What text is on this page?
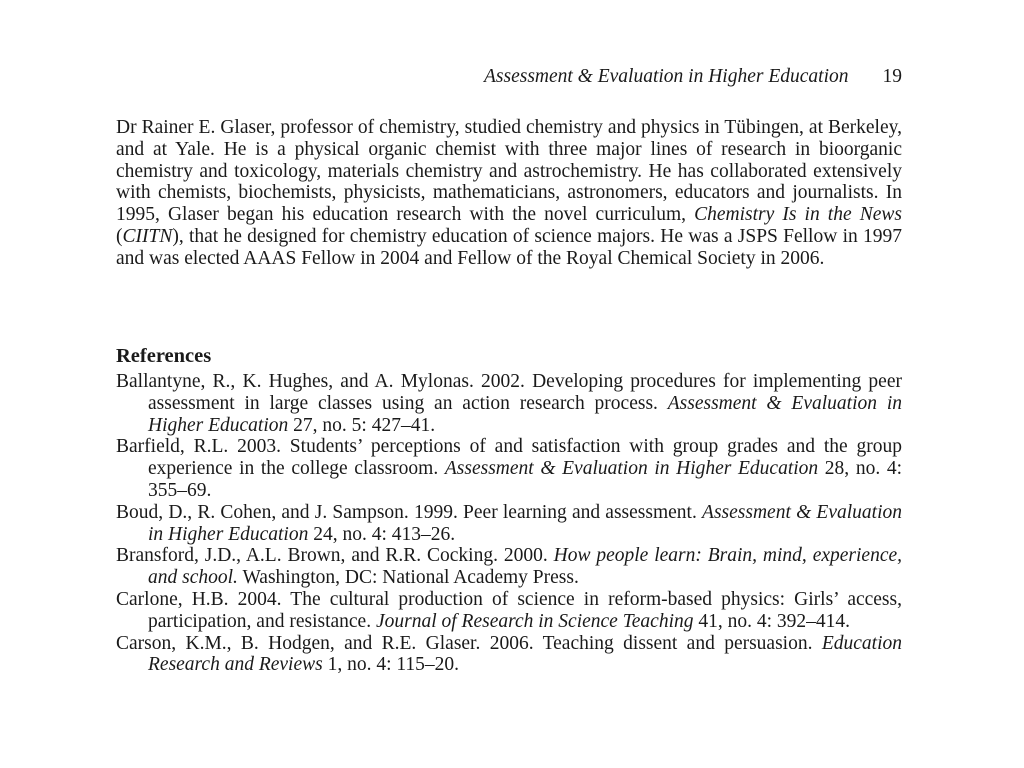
Assessment & Evaluation in Higher Education 19

Dr Rainer E. Glaser, professor of chemistry, studied chemistry and physics in Tübingen, at Berkeley, and at Yale. He is a physical organic chemist with three major lines of research in bioorganic chemistry and toxicology, materials chemistry and astrochemistry. He has collaborated extensively with chemists, biochemists, physicists, mathematicians, astronomers, educators and journalists. In 1995, Glaser began his education research with the novel curriculum, Chemistry Is in the News (CIITN), that he designed for chemistry education of science majors. He was a JSPS Fellow in 1997 and was elected AAAS Fellow in 2004 and Fellow of the Royal Chemical Society in 2006.

References
Ballantyne, R., K. Hughes, and A. Mylonas. 2002. Developing procedures for implementing peer assessment in large classes using an action research process. Assessment & Evaluation in Higher Education 27, no. 5: 427–41.
Barfield, R.L. 2003. Students’ perceptions of and satisfaction with group grades and the group experience in the college classroom. Assessment & Evaluation in Higher Education 28, no. 4: 355–69.
Boud, D., R. Cohen, and J. Sampson. 1999. Peer learning and assessment. Assessment & Evaluation in Higher Education 24, no. 4: 413–26.
Bransford, J.D., A.L. Brown, and R.R. Cocking. 2000. How people learn: Brain, mind, experience, and school. Washington, DC: National Academy Press.
Carlone, H.B. 2004. The cultural production of science in reform-based physics: Girls’ access, participation, and resistance. Journal of Research in Science Teaching 41, no. 4: 392–414.
Carson, K.M., B. Hodgen, and R.E. Glaser. 2006. Teaching dissent and persuasion. Education Research and Reviews 1, no. 4: 115–20.
